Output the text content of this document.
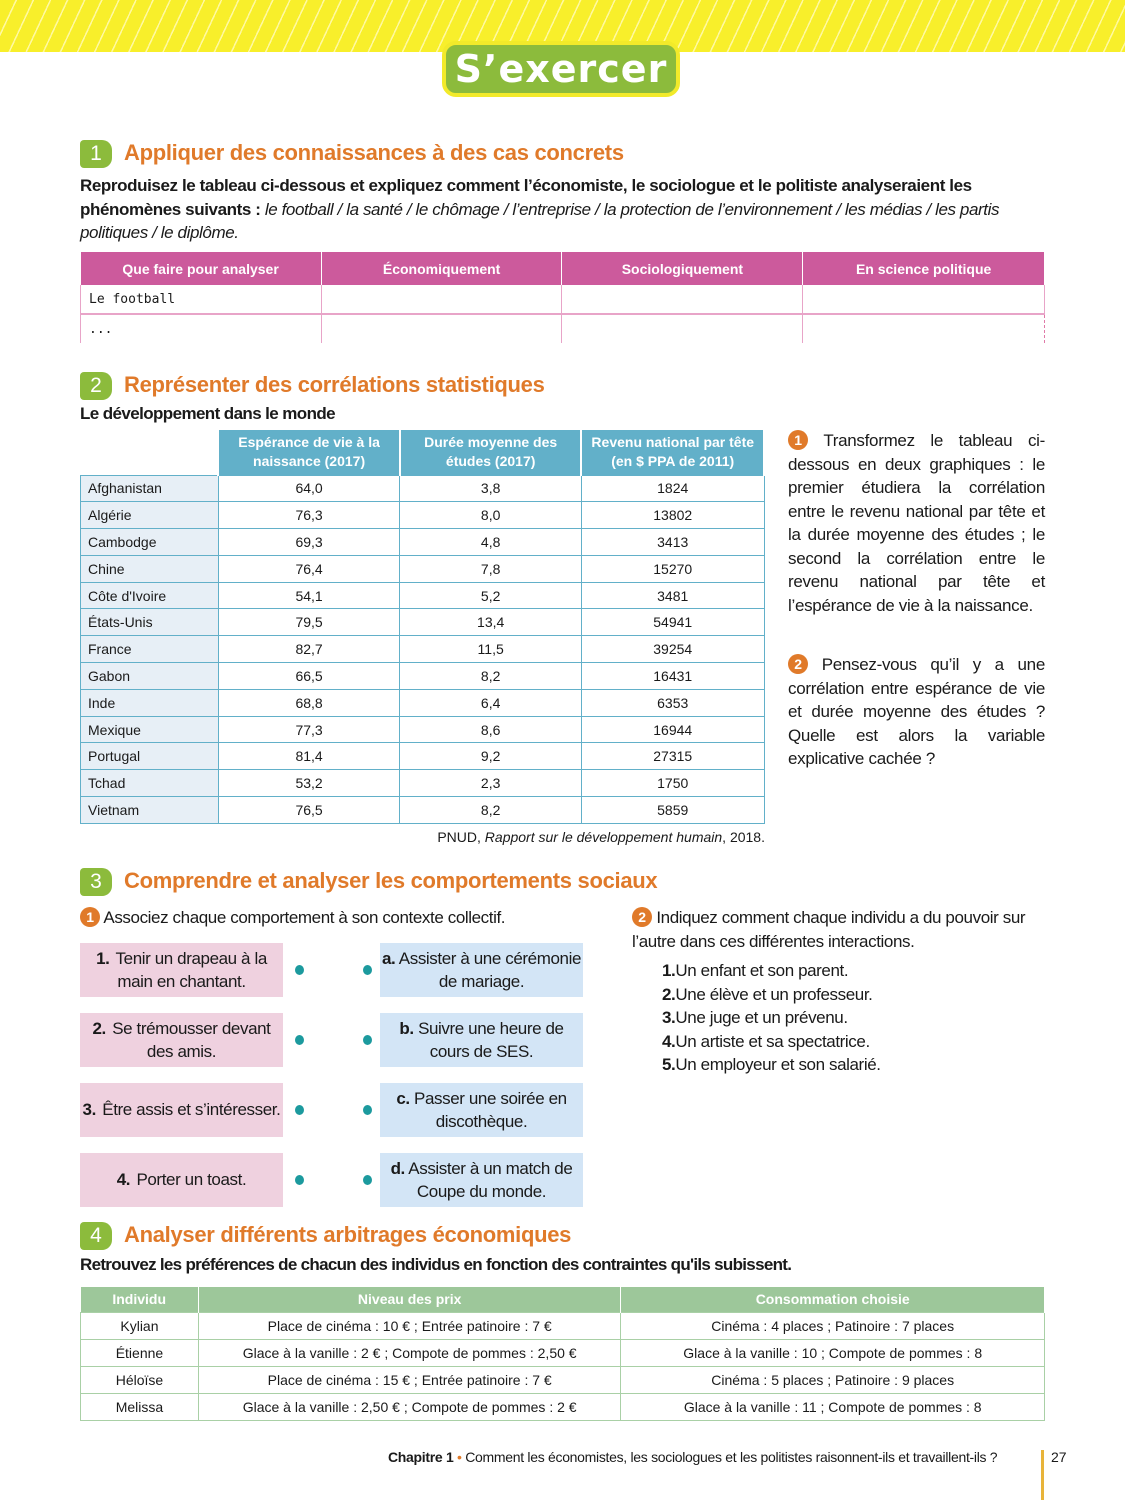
S’exercer
1	Appliquer des connaissances à des cas concrets
Reproduisez le tableau ci-dessous et expliquez comment l’économiste, le sociologue et le politiste analyseraient les phénomènes suivants : le football / la santé / le chômage / l’entreprise / la protection de l’environnement / les médias / les partis politiques / le diplôme.
Que faire pour analyser	Économiquement	Sociologiquement	En science politique
Le football			
...			
2	Représenter des corrélations statistiques
Le développement dans le monde
	Espérance de vie à la naissance (2017)	Durée moyenne des études (2017)	Revenu national par tête (en $ PPA de 2011)
Afghanistan	64,0	3,8	1824
Algérie	76,3	8,0	13802
Cambodge	69,3	4,8	3413
Chine	76,4	7,8	15270
Côte d'Ivoire	54,1	5,2	3481
États-Unis	79,5	13,4	54941
France	82,7	11,5	39254
Gabon	66,5	8,2	16431
Inde	68,8	6,4	6353
Mexique	77,3	8,6	16944
Portugal	81,4	9,2	27315
Tchad	53,2	2,3	1750
Vietnam	76,5	8,2	5859
PNUD, Rapport sur le développement humain, 2018.
1 Transformez le tableau ci-dessous en deux graphiques : le premier étudiera la corrélation entre le revenu national par tête et la durée moyenne des études ; le second la corrélation entre le revenu national par tête et l’espérance de vie à la naissance.
2 Pensez-vous qu’il y a une corrélation entre espérance de vie et durée moyenne des études ? Quelle est alors la variable explicative cachée ?
3	Comprendre et analyser les comportements sociaux
1 Associez chaque comportement à son contexte collectif.
1. Tenir un drapeau à la main en chantant.
a. Assister à une cérémonie de mariage.
2. Se trémousser devant des amis.
b. Suivre une heure de cours de SES.
3. Être assis et s’intéresser.
c. Passer une soirée en discothèque.
4. Porter un toast.
d. Assister à un match de Coupe du monde.
2 Indiquez comment chaque individu a du pouvoir sur l’autre dans ces différentes interactions.
1.Un enfant et son parent.
2.Une élève et un professeur.
3.Une juge et un prévenu.
4.Un artiste et sa spectatrice.
5.Un employeur et son salarié.
4	Analyser différents arbitrages économiques
Retrouvez les préférences de chacun des individus en fonction des contraintes qu'ils subissent.
Individu	Niveau des prix	Consommation choisie
Kylian	Place de cinéma : 10 € ; Entrée patinoire : 7 €	Cinéma : 4 places ; Patinoire : 7 places
Étienne	Glace à la vanille : 2 € ; Compote de pommes : 2,50 €	Glace à la vanille : 10 ; Compote de pommes : 8
Héloïse	Place de cinéma : 15 € ; Entrée patinoire : 7 €	Cinéma : 5 places ; Patinoire : 9 places
Melissa	Glace à la vanille : 2,50 € ; Compote de pommes : 2 €	Glace à la vanille : 11 ; Compote de pommes : 8
Chapitre 1 • Comment les économistes, les sociologues et les politistes raisonnent-ils et travaillent-ils ?	27
